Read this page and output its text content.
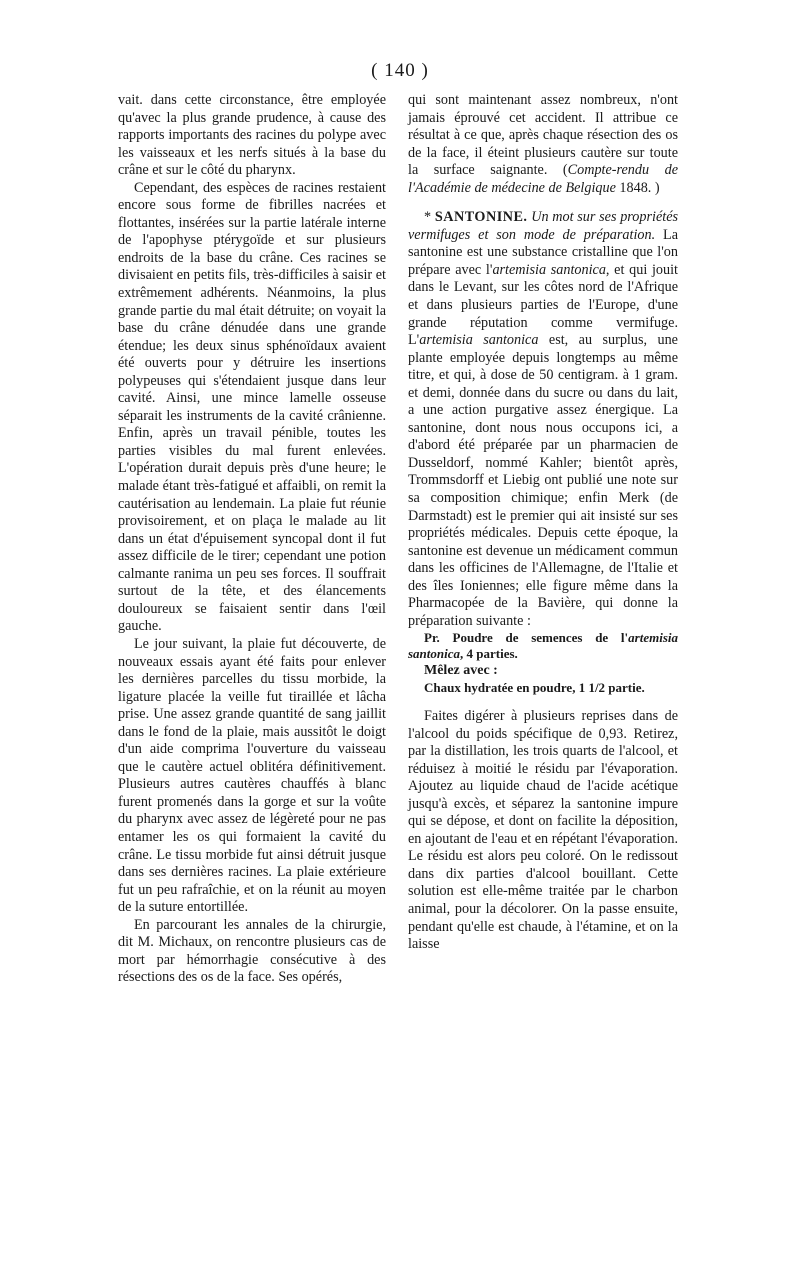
( 140 )

vait. dans cette circonstance, être employée qu'avec la plus grande prudence, à cause des rapports importants des racines du polype avec les vaisseaux et les nerfs situés à la base du crâne et sur le côté du pharynx.

Cependant, des espèces de racines restaient encore sous forme de fibrilles nacrées et flottantes, insérées sur la partie latérale interne de l'apophyse ptérygoïde et sur plusieurs endroits de la base du crâne. Ces racines se divisaient en petits fils, très-difficiles à saisir et extrêmement adhérents. Néanmoins, la plus grande partie du mal était détruite; on voyait la base du crâne dénudée dans une grande étendue; les deux sinus sphénoïdaux avaient été ouverts pour y détruire les insertions polypeuses qui s'étendaient jusque dans leur cavité. Ainsi, une mince lamelle osseuse séparait les instruments de la cavité crânienne. Enfin, après un travail pénible, toutes les parties visibles du mal furent enlevées. L'opération durait depuis près d'une heure; le malade étant très-fatigué et affaibli, on remit la cautérisation au lendemain. La plaie fut réunie provisoirement, et on plaça le malade au lit dans un état d'épuisement syncopal dont il fut assez difficile de le tirer; cependant une potion calmante ranima un peu ses forces. Il souffrait surtout de la tête, et des élancements douloureux se faisaient sentir dans l'œil gauche.

Le jour suivant, la plaie fut découverte, de nouveaux essais ayant été faits pour enlever les dernières parcelles du tissu morbide, la ligature placée la veille fut tiraillée et lâcha prise. Une assez grande quantité de sang jaillit dans le fond de la plaie, mais aussitôt le doigt d'un aide comprima l'ouverture du vaisseau que le cautère actuel oblitéra définitivement. Plusieurs autres cautères chauffés à blanc furent promenés dans la gorge et sur la voûte du pharynx avec assez de légèreté pour ne pas entamer les os qui formaient la cavité du crâne. Le tissu morbide fut ainsi détruit jusque dans ses dernières racines. La plaie extérieure fut un peu rafraîchie, et on la réunit au moyen de la suture entortillée.

En parcourant les annales de la chirurgie, dit M. Michaux, on rencontre plusieurs cas de mort par hémorrhagie consécutive à des résections des os de la face. Ses opérés,

qui sont maintenant assez nombreux, n'ont jamais éprouvé cet accident. Il attribue ce résultat à ce que, après chaque résection des os de la face, il éteint plusieurs cautère sur toute la surface saignante. (Compte-rendu de l'Académie de médecine de Belgique 1848. )

* SANTONINE. Un mot sur ses propriétés vermifuges et son mode de préparation. La santonine est une substance cristalline que l'on prépare avec l'artemisia santonica, et qui jouit dans le Levant, sur les côtes nord de l'Afrique et dans plusieurs parties de l'Europe, d'une grande réputation comme vermifuge. L'artemisia santonica est, au surplus, une plante employée depuis longtemps au même titre, et qui, à dose de 50 centigram. à 1 gram. et demi, donnée dans du sucre ou dans du lait, a une action purgative assez énergique. La santonine, dont nous nous occupons ici, a d'abord été préparée par un pharmacien de Dusseldorf, nommé Kahler; bientôt après, Trommsdorff et Liebig ont publié une note sur sa composition chimique; enfin Merk (de Darmstadt) est le premier qui ait insisté sur ses propriétés médicales. Depuis cette époque, la santonine est devenue un médicament commun dans les officines de l'Allemagne, de l'Italie et des îles Ioniennes; elle figure même dans la Pharmacopée de la Bavière, qui donne la préparation suivante :

Pr. Poudre de semences de l'artemisia santonica, 4 parties.

Mêlez avec :

Chaux hydratée en poudre, 1 1/2 partie.

Faites digérer à plusieurs reprises dans de l'alcool du poids spécifique de 0,93. Retirez, par la distillation, les trois quarts de l'alcool, et réduisez à moitié le résidu par l'évaporation. Ajoutez au liquide chaud de l'acide acétique jusqu'à excès, et séparez la santonine impure qui se dépose, et dont on facilite la déposition, en ajoutant de l'eau et en répétant l'évaporation. Le résidu est alors peu coloré. On le redissout dans dix parties d'alcool bouillant. Cette solution est elle-même traitée par le charbon animal, pour la décolorer. On la passe ensuite, pendant qu'elle est chaude, à l'étamine, et on la laisse
